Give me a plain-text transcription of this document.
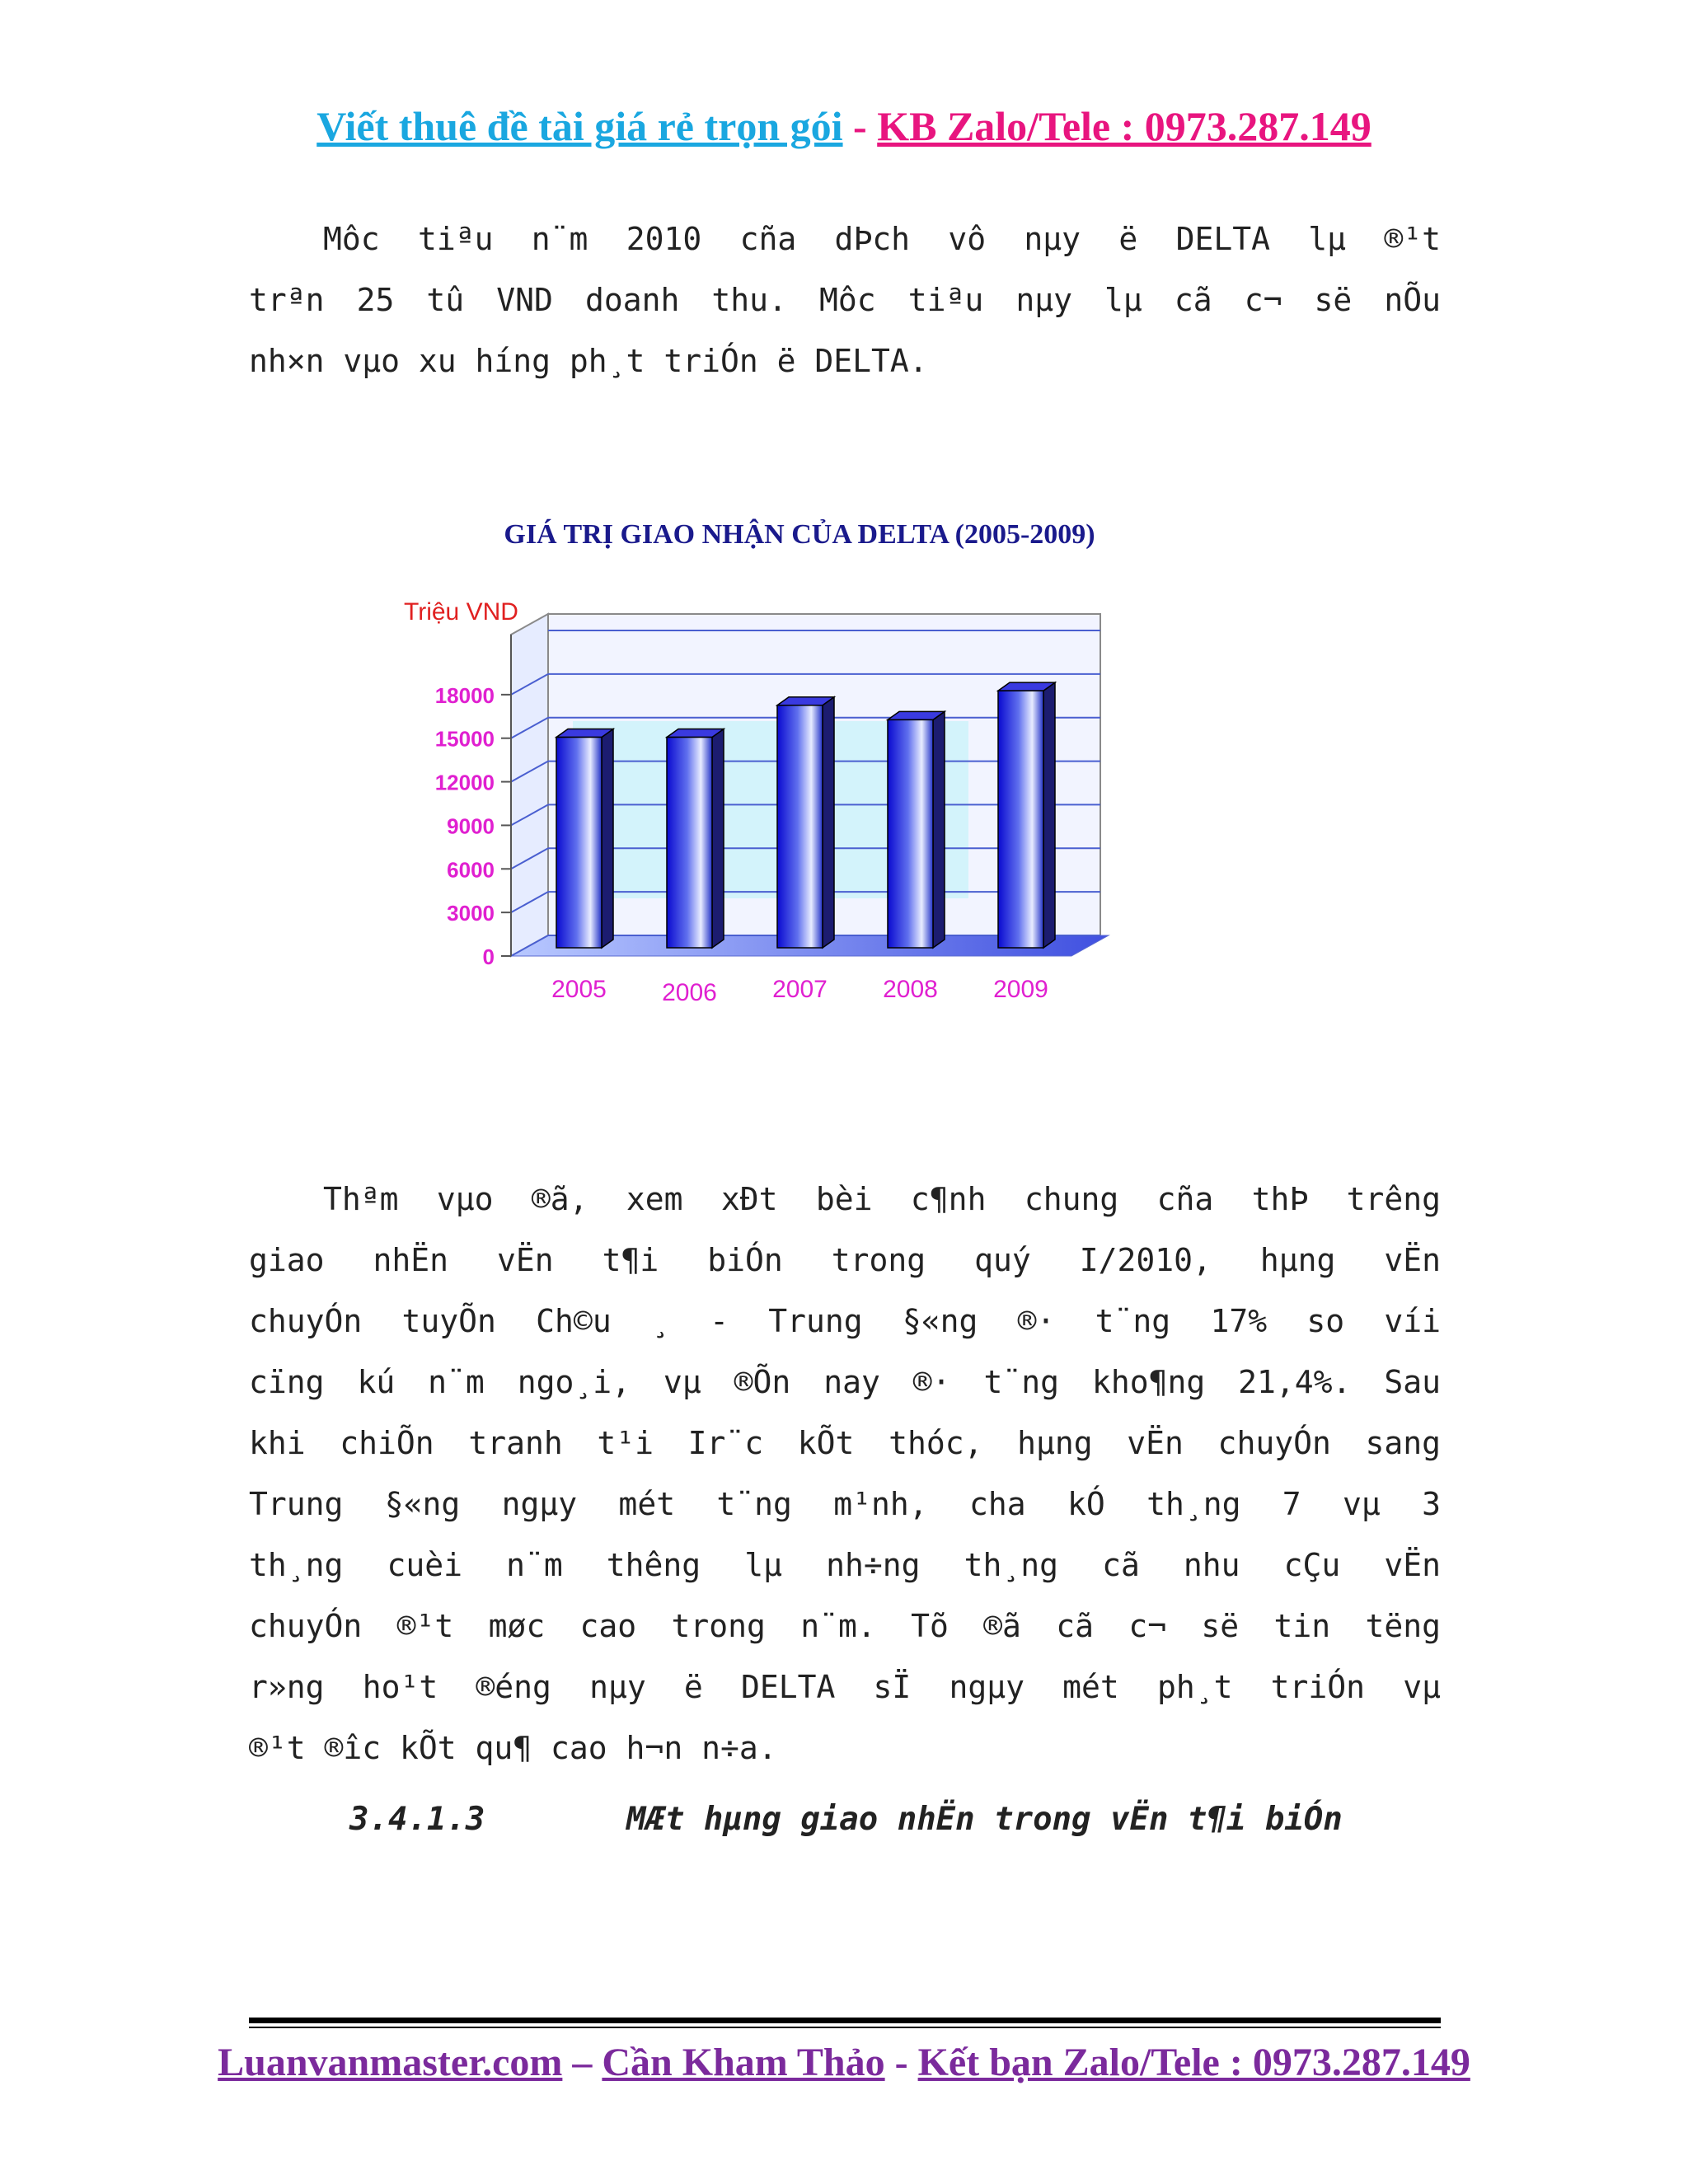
Viết thuê đề tài giá rẻ trọn gói - KB Zalo/Tele : 0973.287.149
Môc tiªu n¨m 2010 cña dÞch vô nµy ë DELTA lµ ®¹t
trªn 25 tû VND doanh thu. Môc tiªu nµy lµ cã c¬ së nÕu
nh×n vµo xu híng ph¸t triÓn ë DELTA.
GIÁ TRỊ GIAO NHẬN CỦA DELTA (2005-2009)
0
3000
6000
9000
12000
15000
18000
Triệu VND
2005 2006 2007 2008 2009
Thªm vµo ®ã, xem xÐt bèi c¶nh chung cña thÞ trêng
giao nhËn vËn t¶i biÓn trong quý I/2010, hµng vËn
chuyÓn tuyÕn Ch©u ¸ - Trung §«ng ®· t¨ng 17% so víi
cïng kú n¨m ngo¸i, vµ ®Õn nay ®· t¨ng kho¶ng 21,4%. Sau
khi chiÕn tranh t¹i Ir¨c kÕt thóc, hµng vËn chuyÓn sang
Trung §«ng ngµy mét t¨ng m¹nh, cha kÓ th¸ng 7 vµ 3
th¸ng cuèi n¨m thêng lµ nh÷ng th¸ng cã nhu cÇu vËn
chuyÓn ®¹t møc cao trong n¨m. Tõ ®ã cã c¬ së tin tëng
r»ng ho¹t ®éng nµy ë DELTA sÏ ngµy mét ph¸t triÓn vµ
®¹t ®îc kÕt qu¶ cao h¬n n÷a.
3.4.1.3	MÆt hµng giao nhËn trong vËn t¶i biÓn
Luanvanmaster.com – Cần Kham Thảo - Kết bạn Zalo/Tele : 0973.287.149
